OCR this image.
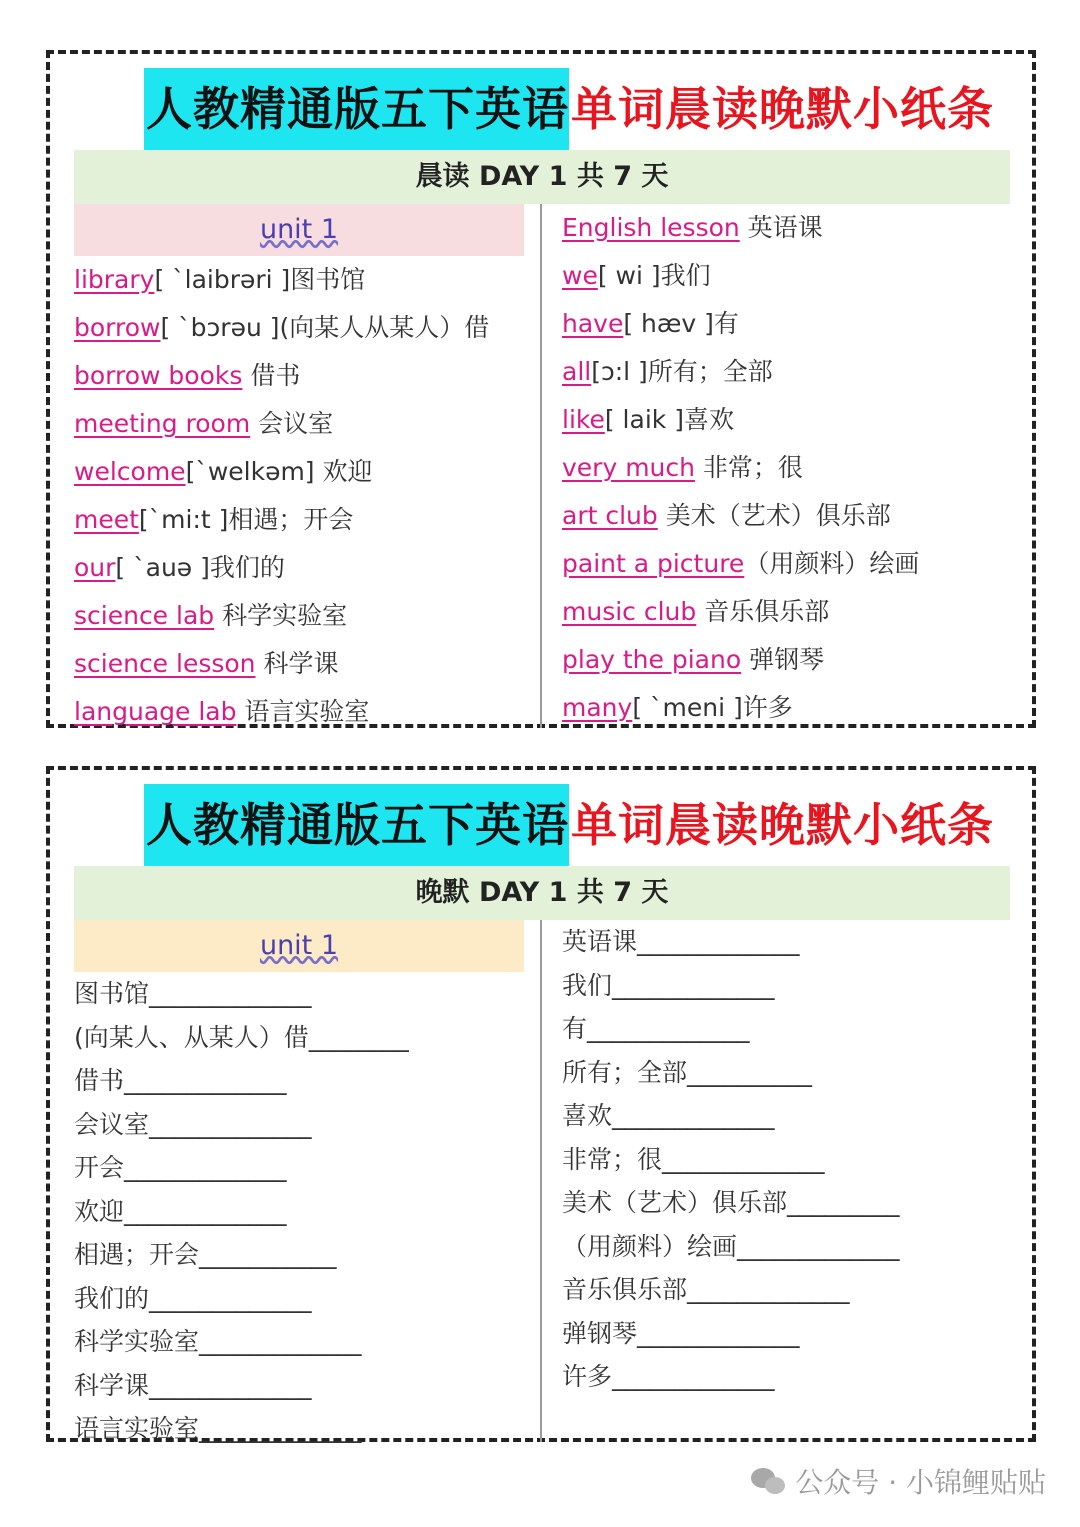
人教精通版五下英语 单词晨读晚默小纸条
晨读 DAY 1 共 7 天
unit 1
library[ `laibrəri ]图书馆
borrow[ `bɔrəu ](向某人从某人）借
borrow books 借书
meeting room 会议室
welcome[`welkəm] 欢迎
meet[`mi:t ]相遇；开会
our[ `auə ]我们的
science lab 科学实验室
science lesson 科学课
language lab 语言实验室
English lesson 英语课
we[ wi ]我们
have[ hæv ]有
all[ɔ:l ]所有；全部
like[ laik ]喜欢
very much 非常；很
art club 美术（艺术）俱乐部
paint a picture（用颜料）绘画
music club 音乐俱乐部
play the piano 弹钢琴
many[ `meni ]许多
人教精通版五下英语 单词晨读晚默小纸条
晚默 DAY 1 共 7 天
unit 1
图书馆_____________
(向某人、从某人）借________
借书_____________
会议室_____________
开会_____________
欢迎_____________
相遇；开会___________
我们的_____________
科学实验室_____________
科学课_____________
语言实验室_____________
英语课_____________
我们_____________
有_____________
所有；全部__________
喜欢_____________
非常；很_____________
美术（艺术）俱乐部_________
（用颜料）绘画_____________
音乐俱乐部_____________
弹钢琴_____________
许多_____________
公众号 · 小锦鲤贴贴
